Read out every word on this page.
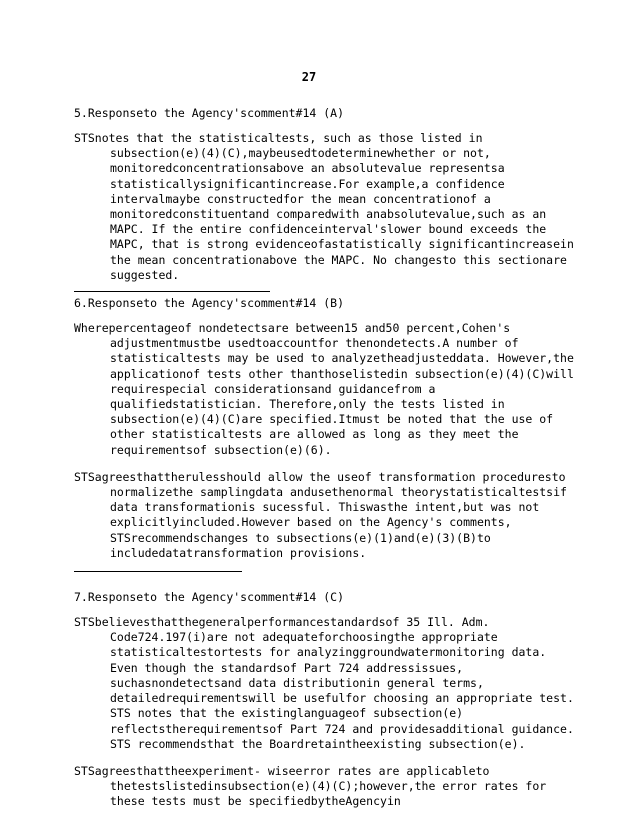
27

5.Responseto the Agency'scomment#14 (A)

STSnotes that the statisticaltests, such as those listed in subsection(e)(4)(C),maybeusedtodeterminewhether or not, monitoredconcentrationsabove an absolutevalue representsa statisticallysignificantincrease.For example,a confidence intervalmaybe constructedfor the mean concentrationof a monitoredconstituentand comparedwith anabsolutevalue,such as an MAPC. If the entire confidenceinterval'slower bound exceeds the MAPC, that is strong evidenceofastatistically significantincreasein the mean concentrationabove the MAPC. No changesto this sectionare suggested.

6.Responseto the Agency'scomment#14 (B)

Wherepercentageof nondetectsare between15 and50 percent,Cohen's adjustmentmustbe usedtoaccountfor thenondetects.A number of statisticaltests may be used to analyzetheadjusteddata. However,the applicationof tests other thanthoselistedin subsection(e)(4)(C)will requirespecial considerationsand guidancefrom a qualifiedstatistician. Therefore,only the tests listed in subsection(e)(4)(C)are specified.Itmust be noted that the use of other statisticaltests are allowed as long as they meet the requirementsof subsection(e)(6).

STSagreesthattherulesshould allow the useof transformation proceduresto normalizethe samplingdata andusethenormal theorystatisticaltestsif data transformationis sucessful. Thiswasthe intent,but was not explicitlyincluded.However based on the Agency's comments, STSrecommendschanges to subsections(e)(1)and(e)(3)(B)to includedatatransformation provisions.

7.Responseto the Agency'scomment#14 (C)

STSbelievesthatthegeneralperformancestandardsof 35 Ill. Adm. Code724.197(i)are not adequateforchoosingthe appropriate statisticaltestortests for analyzinggroundwatermonitoring data. Even though the standardsof Part 724 addressissues, suchasnondetectsand data distributionin general terms, detailedrequirementswill be usefulfor choosing an appropriate test. STS notes that the existinglanguageof subsection(e) reflectstherequirementsof Part 724 and providesadditional guidance. STS recommendsthat the Boardretaintheexisting subsection(e).

STSagreesthattheexperiment- wiseerror rates are applicableto thetestslistedinsubsection(e)(4)(C);however,the error rates for these tests must be specifiedbytheAgencyin
